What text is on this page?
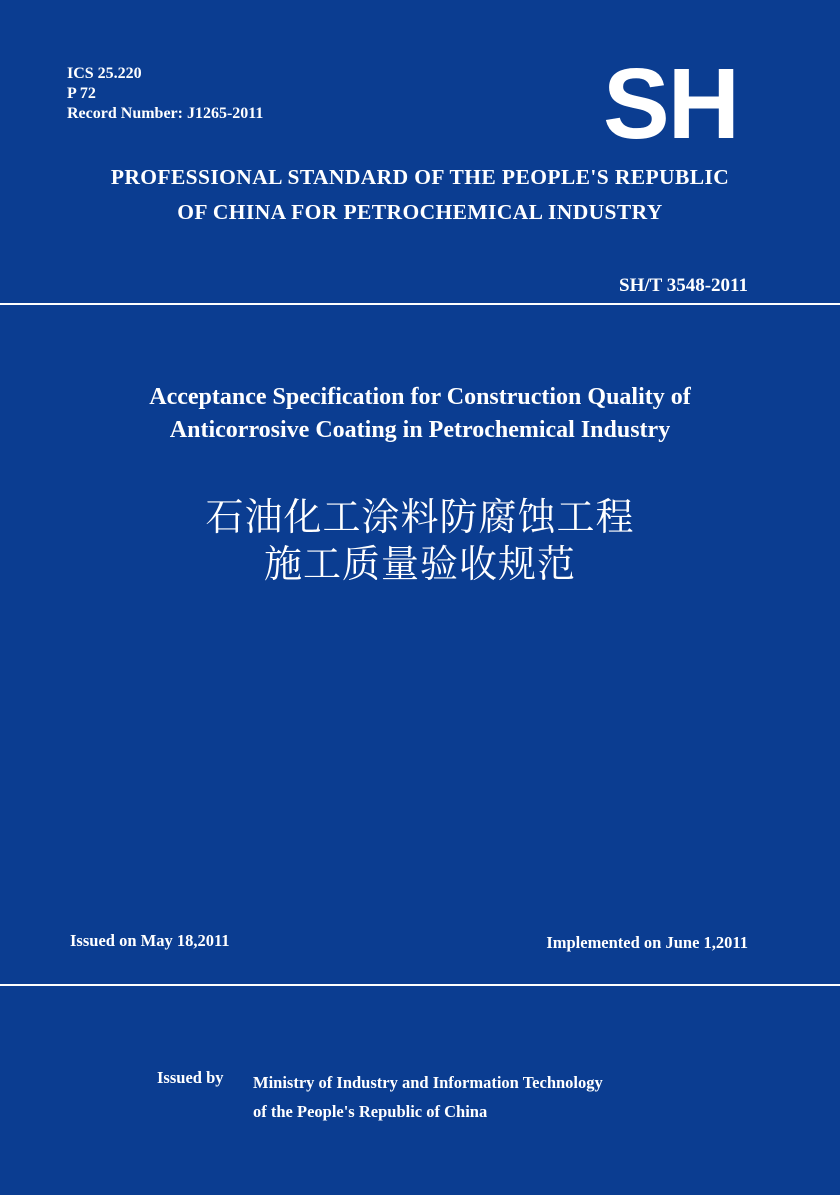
ICS 25.220
P 72
Record Number: J1265-2011	SH
PROFESSIONAL STANDARD OF THE PEOPLE'S REPUBLIC
OF CHINA FOR PETROCHEMICAL INDUSTRY
SH/T 3548-2011
Acceptance Specification for Construction Quality of
Anticorrosive Coating in Petrochemical Industry
石油化工涂料防腐蚀工程
施工质量验收规范
Issued on May 18,2011	Implemented on June 1,2011
Issued by Ministry of Industry and Information Technology
of the People's Republic of China
